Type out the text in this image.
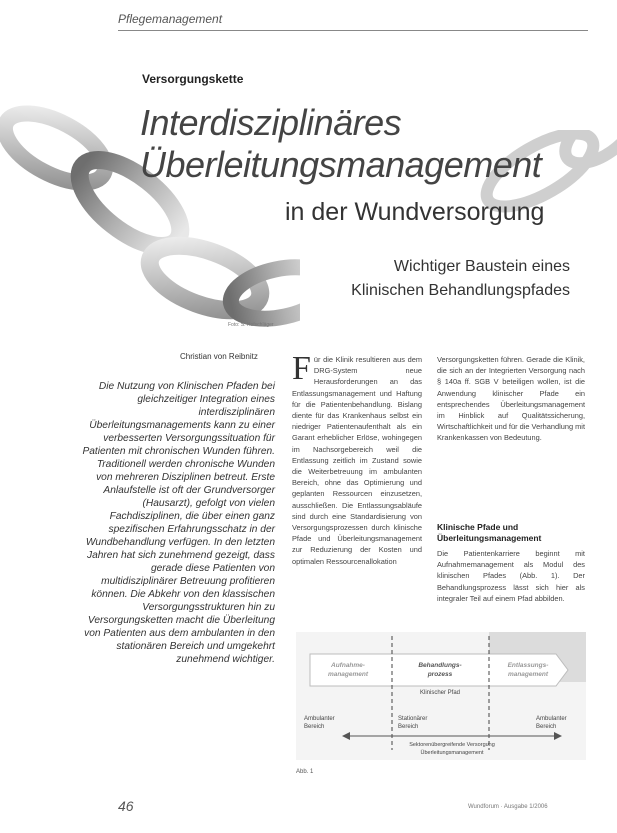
Pflegemanagement
Versorgungskette
Interdisziplinäres
Überleitungsmanagement
in der Wundversorgung
Wichtiger Baustein eines
Klinischen Behandlungspfades
Foto: S. Hofschläger
Christian von Reibnitz
Die Nutzung von Klinischen Pfaden bei gleichzeitiger Integration eines interdisziplinären Überleitungsmanagements kann zu einer verbesserten Versorgungssituation für Patienten mit chronischen Wunden führen. Traditionell werden chronische Wunden von mehreren Disziplinen betreut. Erste Anlaufstelle ist oft der Grundversorger (Hausarzt), gefolgt von vielen Fachdisziplinen, die über einen ganz spezifischen Erfahrungsschatz in der Wundbehandlung verfügen. In den letzten Jahren hat sich zunehmend gezeigt, dass gerade diese Patienten von multidisziplinärer Betreuung profitieren können. Die Abkehr von den klassischen Versorgungsstrukturen hin zu Versorgungsketten macht die Überleitung von Patienten aus dem ambulanten in den stationären Bereich und umgekehrt zunehmend wichtiger.
Für die Klinik resultieren aus dem DRG-System neue Herausforderungen an das Entlassungsmanagement und Haftung für die Patientenbehandlung. Bislang diente für das Krankenhaus selbst ein niedriger Patientenaufenthalt als ein Garant erheblicher Erlöse, wohingegen im Nachsorgebereich weil die Entlassung zeitlich im Zustand sowie die Weiterbetreuung im ambulanten Bereich, ohne das Optimierung und geplanten Ressourcen einzusetzen, ausschließen. Die Entlassungsabläufe sind durch eine Standardisierung von Versorgungsprozessen durch klinische Pfade und Überleitungsmanagement zur Reduzierung der Kosten und optimalen Ressourcenallokation
Versorgungsketten führen. Gerade die Klinik, die sich an der Integrierten Versorgung nach § 140a ff. SGB V beteiligen wollen, ist die Anwendung klinischer Pfade ein entsprechendes Überleitungsmanagement im Hinblick auf Qualitätssicherung, Wirtschaftlichkeit und für die Verhandlung mit Krankenkassen von Bedeutung.
Klinische Pfade und Überleitungsmanagement
Die Patientenkarriere beginnt mit Aufnahmemanagement als Modul des klinischen Pfades (Abb. 1). Der Behandlungsprozess lässt sich hier als integraler Teil auf einem Pfad abbilden.
Aufnahme-
management
Behandlungs-
prozess
Entlassungs-
management
Klinischer Pfad
Ambulanter
Bereich
Stationärer
Bereich
Ambulanter
Bereich
Sektorenübergreifende Versorgung
Überleitungsmanagement
Abb. 1
46	Wundforum · Ausgabe 1/2006
